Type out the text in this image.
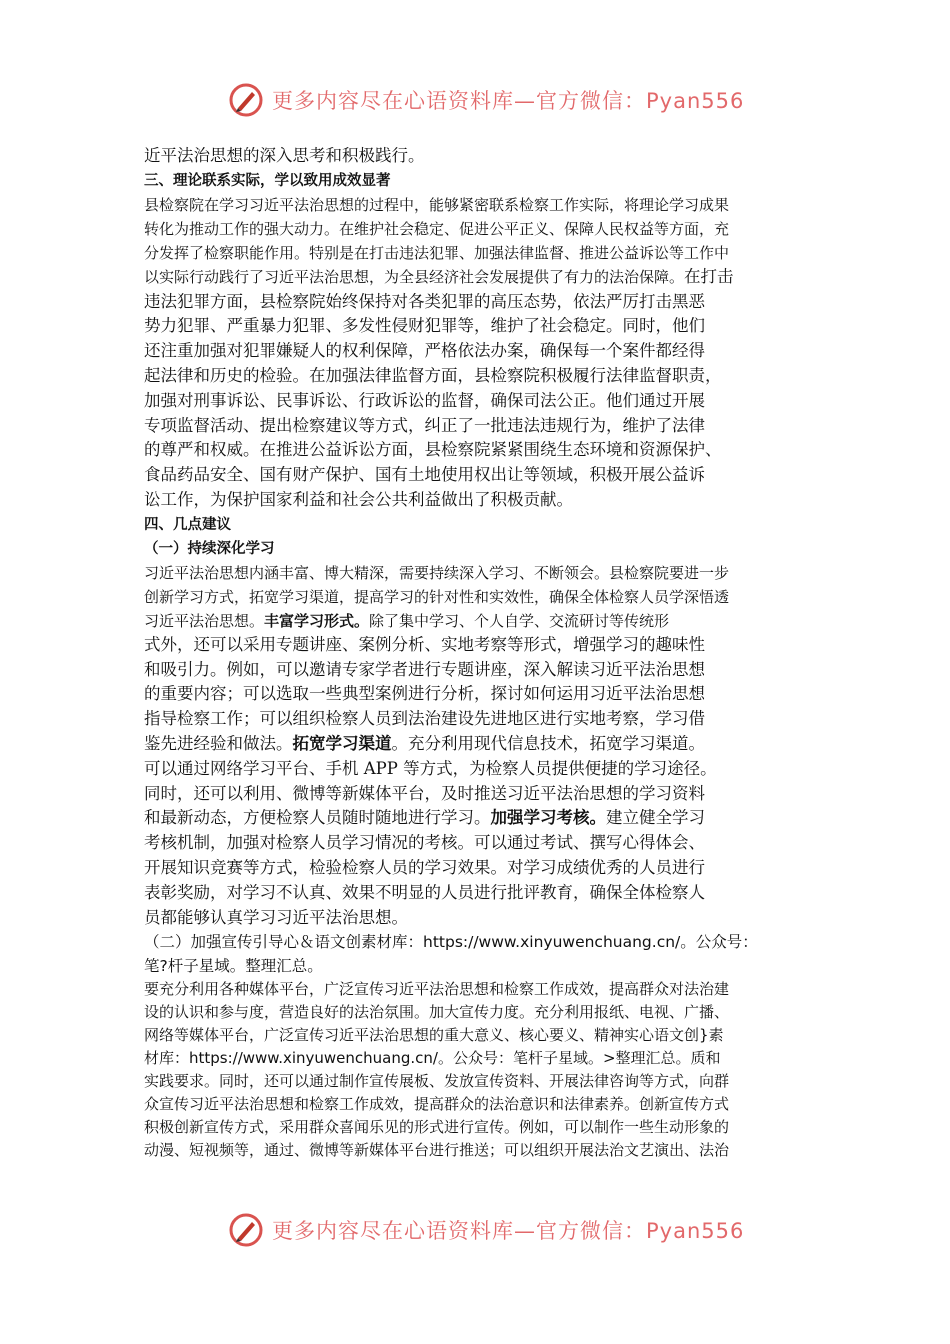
更多内容尽在心语资料库—官方微信：Pyan556
近平法治思想的深入思考和积极践行。
三、理论联系实际，学以致用成效显著
县检察院在学习习近平法治思想的过程中，能够紧密联系检察工作实际，将理论学习成果
转化为推动工作的强大动力。在维护社会稳定、促进公平正义、保障人民权益等方面，充
分发挥了检察职能作用。特别是在打击违法犯罪、加强法律监督、推进公益诉讼等工作中
以实际行动践行了习近平法治思想，为全县经济社会发展提供了有力的法治保障。在打击
违法犯罪方面，县检察院始终保持对各类犯罪的高压态势，依法严厉打击黑恶
势力犯罪、严重暴力犯罪、多发性侵财犯罪等，维护了社会稳定。同时，他们
还注重加强对犯罪嫌疑人的权利保障，严格依法办案，确保每一个案件都经得
起法律和历史的检验。在加强法律监督方面，县检察院积极履行法律监督职责，
加强对刑事诉讼、民事诉讼、行政诉讼的监督，确保司法公正。他们通过开展
专项监督活动、提出检察建议等方式，纠正了一批违法违规行为，维护了法律
的尊严和权威。在推进公益诉讼方面，县检察院紧紧围绕生态环境和资源保护、
食品药品安全、国有财产保护、国有土地使用权出让等领域，积极开展公益诉
讼工作，为保护国家利益和社会公共利益做出了积极贡献。
四、几点建议
（一）持续深化学习
习近平法治思想内涵丰富、博大精深，需要持续深入学习、不断领会。县检察院要进一步
创新学习方式，拓宽学习渠道，提高学习的针对性和实效性，确保全体检察人员学深悟透
习近平法治思想。丰富学习形式。除了集中学习、个人自学、交流研讨等传统形
式外，还可以采用专题讲座、案例分析、实地考察等形式，增强学习的趣味性
和吸引力。例如，可以邀请专家学者进行专题讲座，深入解读习近平法治思想
的重要内容；可以选取一些典型案例进行分析，探讨如何运用习近平法治思想
指导检察工作；可以组织检察人员到法治建设先进地区进行实地考察，学习借
鉴先进经验和做法。拓宽学习渠道。充分利用现代信息技术，拓宽学习渠道。
可以通过网络学习平台、手机 APP 等方式，为检察人员提供便捷的学习途径。
同时，还可以利用、微博等新媒体平台，及时推送习近平法治思想的学习资料
和最新动态，方便检察人员随时随地进行学习。加强学习考核。建立健全学习
考核机制，加强对检察人员学习情况的考核。可以通过考试、撰写心得体会、
开展知识竞赛等方式，检验检察人员的学习效果。对学习成绩优秀的人员进行
表彰奖励，对学习不认真、效果不明显的人员进行批评教育，确保全体检察人
员都能够认真学习习近平法治思想。
（二）加强宣传引导心＆语文创素材库：https://www.xinyuwenchuang.cn/。公众号：
笔?杆子星域。整理汇总。
要充分利用各种媒体平台，广泛宣传习近平法治思想和检察工作成效，提高群众对法治建
设的认识和参与度，营造良好的法治氛围。加大宣传力度。充分利用报纸、电视、广播、
网络等媒体平台，广泛宣传习近平法治思想的重大意义、核心要义、精神实心语文创}素
材库：https://www.xinyuwenchuang.cn/。公众号：笔杆子星域。>整理汇总。质和
实践要求。同时，还可以通过制作宣传展板、发放宣传资料、开展法律咨询等方式，向群
众宣传习近平法治思想和检察工作成效，提高群众的法治意识和法律素养。创新宣传方式
积极创新宣传方式，采用群众喜闻乐见的形式进行宣传。例如，可以制作一些生动形象的
动漫、短视频等，通过、微博等新媒体平台进行推送；可以组织开展法治文艺演出、法治
更多内容尽在心语资料库—官方微信：Pyan556
